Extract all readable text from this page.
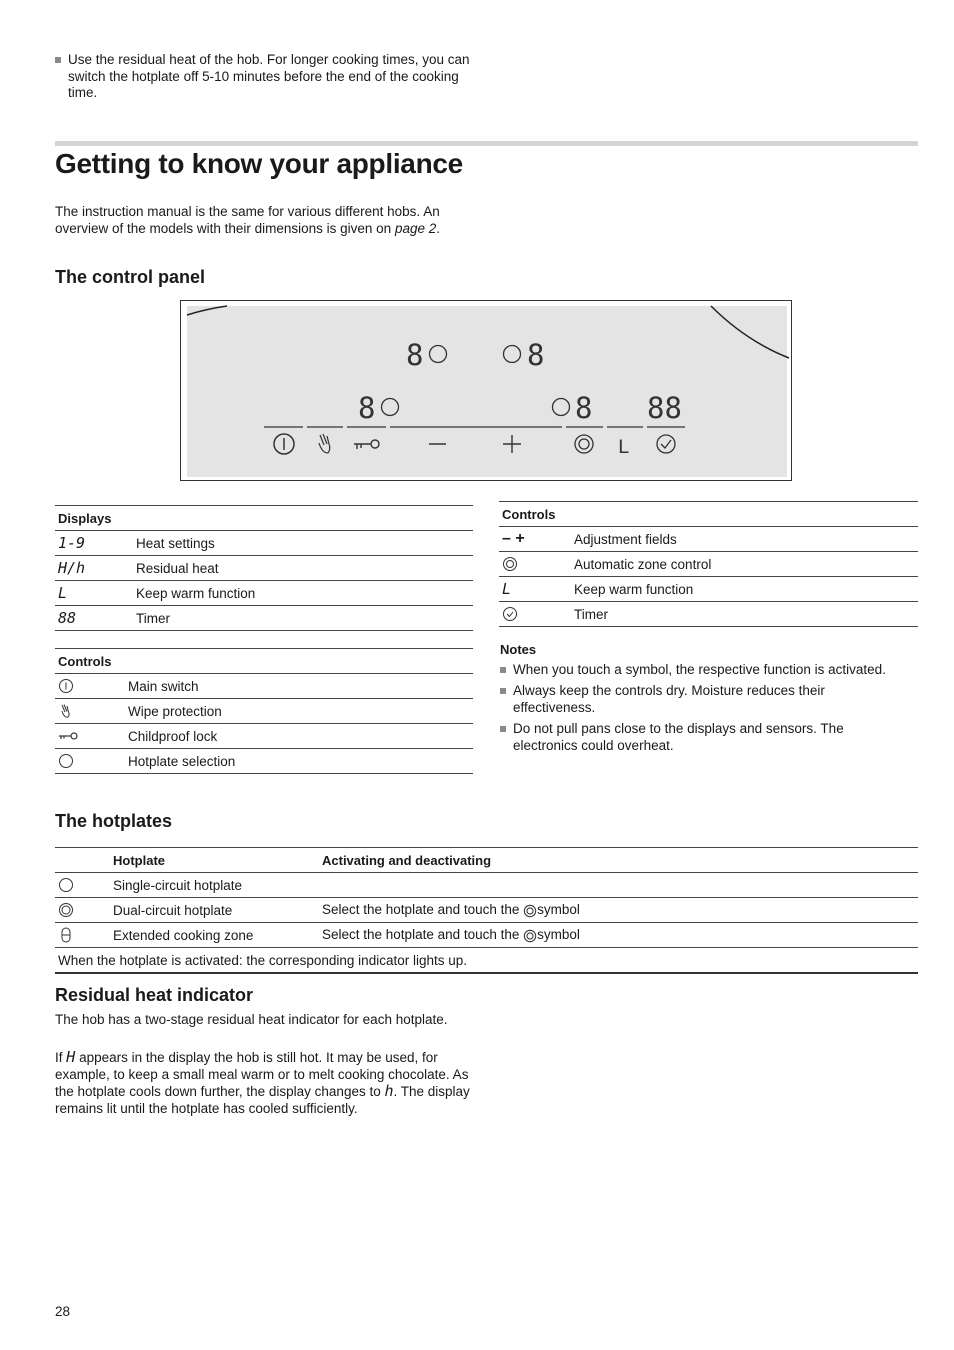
Use the residual heat of the hob. For longer cooking times, you can switch the hotplate off 5-10 minutes before the end of the cooking time.
Getting to know your appliance
The instruction manual is the same for various different hobs. An overview of the models with their dimensions is given on page 2.
The control panel
8	8
8	8 88
L
Displays	
1-9	Heat settings
H/h	Residual heat
L	Keep warm function
88	Timer
Controls	
	Main switch
	Wipe protection
	Childproof lock
	Hotplate selection
Controls	
– +	Adjustment fields
	Automatic zone control
L	Keep warm function
	Timer
Notes
When you touch a symbol, the respective function is activated.
Always keep the controls dry. Moisture reduces their effectiveness.
Do not pull pans close to the displays and sensors. The electronics could overheat.
The hotplates
	Hotplate	Activating and deactivating
	Single-circuit hotplate	
	Dual-circuit hotplate	Select the hotplate and touch the symbol
	Extended cooking zone	Select the hotplate and touch the symbol
When the hotplate is activated: the corresponding indicator lights up.		
Residual heat indicator
The hob has a two-stage residual heat indicator for each hotplate.
If H appears in the display the hob is still hot. It may be used, for example, to keep a small meal warm or to melt cooking chocolate. As the hotplate cools down further, the display changes to h. The display remains lit until the hotplate has cooled sufficiently.
28
